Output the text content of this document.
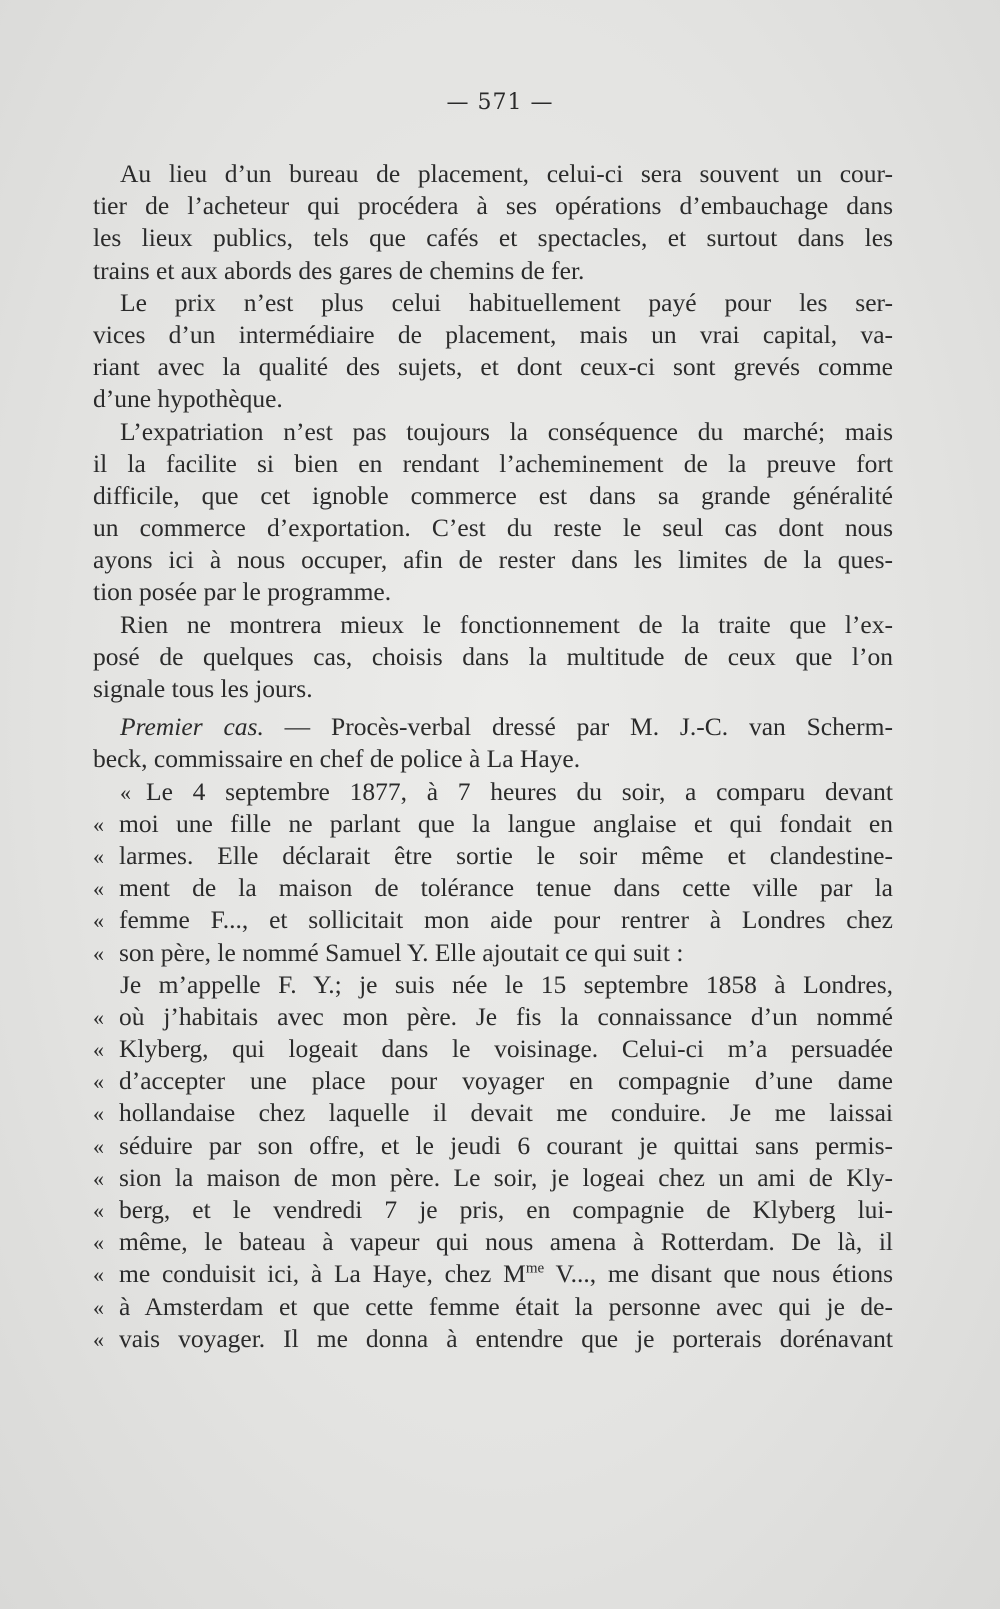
— 571 —
Au lieu d’un bureau de placement, celui-ci sera souvent un cour-
tier de l’acheteur qui procédera à ses opérations d’embauchage dans
les lieux publics, tels que cafés et spectacles, et surtout dans les
trains et aux abords des gares de chemins de fer.
Le prix n’est plus celui habituellement payé pour les ser-
vices d’un intermédiaire de placement, mais un vrai capital, va-
riant avec la qualité des sujets, et dont ceux-ci sont grevés comme
d’une hypothèque.
L’expatriation n’est pas toujours la conséquence du marché; mais
il la facilite si bien en rendant l’acheminement de la preuve fort
difficile, que cet ignoble commerce est dans sa grande généralité
un commerce d’exportation. C’est du reste le seul cas dont nous
ayons ici à nous occuper, afin de rester dans les limites de la ques-
tion posée par le programme.
Rien ne montrera mieux le fonctionnement de la traite que l’ex-
posé de quelques cas, choisis dans la multitude de ceux que l’on
signale tous les jours.
Premier cas. — Procès-verbal dressé par M. J.-C. van Scherm-
beck, commissaire en chef de police à La Haye.
« Le 4 septembre 1877, à 7 heures du soir, a comparu devant
« moi une fille ne parlant que la langue anglaise et qui fondait en
« larmes. Elle déclarait être sortie le soir même et clandestine-
« ment de la maison de tolérance tenue dans cette ville par la
« femme F..., et sollicitait mon aide pour rentrer à Londres chez
« son père, le nommé Samuel Y. Elle ajoutait ce qui suit :
Je m’appelle F. Y.; je suis née le 15 septembre 1858 à Londres,
« où j’habitais avec mon père. Je fis la connaissance d’un nommé
« Klyberg, qui logeait dans le voisinage. Celui-ci m’a persuadée
« d’accepter une place pour voyager en compagnie d’une dame
« hollandaise chez laquelle il devait me conduire. Je me laissai
« séduire par son offre, et le jeudi 6 courant je quittai sans permis-
« sion la maison de mon père. Le soir, je logeai chez un ami de Kly-
« berg, et le vendredi 7 je pris, en compagnie de Klyberg lui-
« même, le bateau à vapeur qui nous amena à Rotterdam. De là, il
« me conduisit ici, à La Haye, chez $M^{me}$ V..., me disant que nous étions
« à Amsterdam et que cette femme était la personne avec qui je de-
« vais voyager. Il me donna à entendre que je porterais dorénavant
